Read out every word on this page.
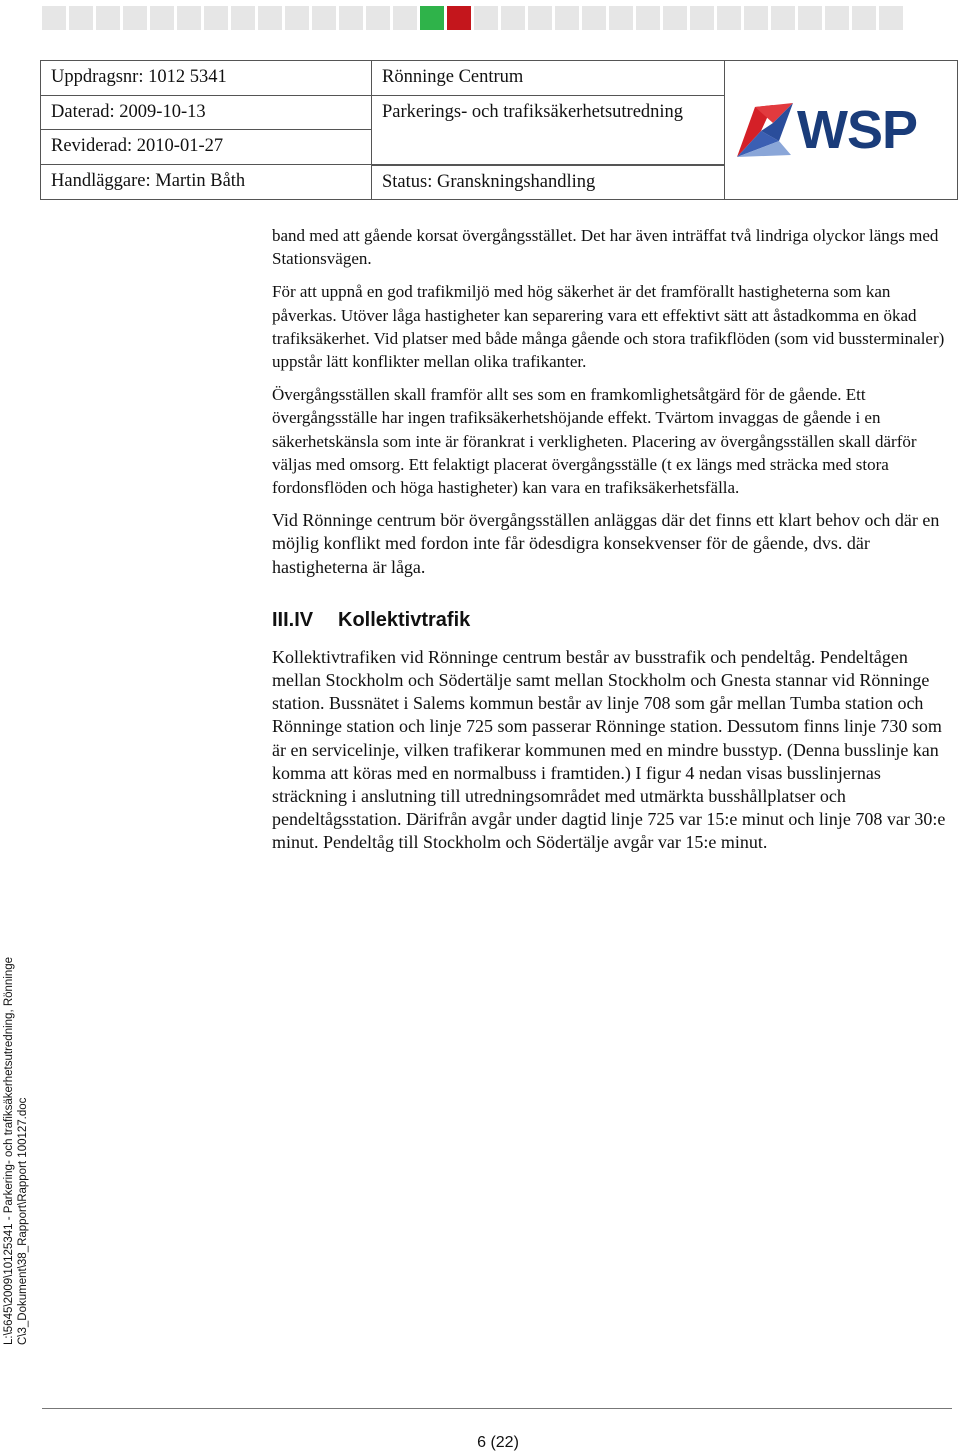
Uppdragsnr: 1012 5341
Daterad: 2009-10-13
Reviderad: 2010-01-27
Handläggare: Martin Båth
Rönninge Centrum
Parkerings- och trafiksäkerhetsutredning
Status: Granskningshandling
WSP

band med att gående korsat övergångsstället. Det har även inträffat två lindriga olyckor längs med Stationsvägen.

För att uppnå en god trafikmiljö med hög säkerhet är det framförallt hastigheterna som kan påverkas. Utöver låga hastigheter kan separering vara ett effektivt sätt att åstadkomma en ökad trafiksäkerhet. Vid platser med både många gående och stora trafikflöden (som vid bussterminaler) uppstår lätt konflikter mellan olika trafikanter.

Övergångsställen skall framför allt ses som en framkomlighetsåtgärd för de gående. Ett övergångsställe har ingen trafiksäkerhetshöjande effekt. Tvärtom invaggas de gående i en säkerhetskänsla som inte är förankrat i verkligheten. Placering av övergångsställen skall därför väljas med omsorg. Ett felaktigt placerat övergångsställe (t ex längs med sträcka med stora fordonsflöden och höga hastigheter) kan vara en trafiksäkerhetsfälla.

Vid Rönninge centrum bör övergångsställen anläggas där det finns ett klart behov och där en möjlig konflikt med fordon inte får ödesdigra konsekvenser för de gående, dvs. där hastigheterna är låga.

III.IV	Kollektivtrafik

Kollektivtrafiken vid Rönninge centrum består av busstrafik och pendeltåg. Pendeltågen mellan Stockholm och Södertälje samt mellan Stockholm och Gnesta stannar vid Rönninge station. Bussnätet i Salems kommun består av linje 708 som går mellan Tumba station och Rönninge station och linje 725 som passerar Rönninge station. Dessutom finns linje 730 som är en servicelinje, vilken trafikerar kommunen med en mindre busstyp. (Denna busslinje kan komma att köras med en normalbuss i framtiden.) I figur 4 nedan visas busslinjernas sträckning i anslutning till utredningsområdet med utmärkta busshållplatser och pendeltågsstation. Därifrån avgår under dagtid linje 725 var 15:e minut och linje 708 var 30:e minut. Pendeltåg till Stockholm och Södertälje avgår var 15:e minut.

L:\5645\2009\10125341 - Parkering- och trafiksäkerhetsutredning, Rönninge C\3_Dokument\38_Rapport\Rapport 100127.doc
6 (22)
